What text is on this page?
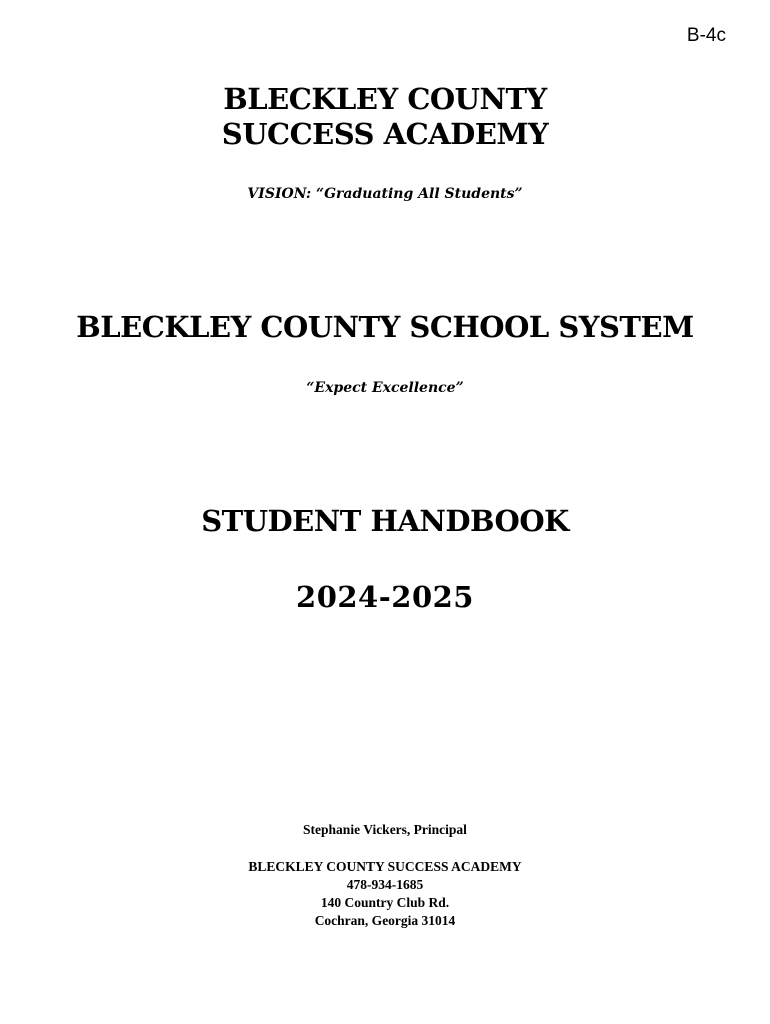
B-4c
BLECKLEY COUNTY
SUCCESS ACADEMY
VISION: “Graduating All Students”
BLECKLEY COUNTY SCHOOL SYSTEM
“Expect Excellence”
STUDENT HANDBOOK
2024-2025
Stephanie Vickers, Principal
BLECKLEY COUNTY SUCCESS ACADEMY
478-934-1685
140 Country Club Rd.
Cochran, Georgia 31014
